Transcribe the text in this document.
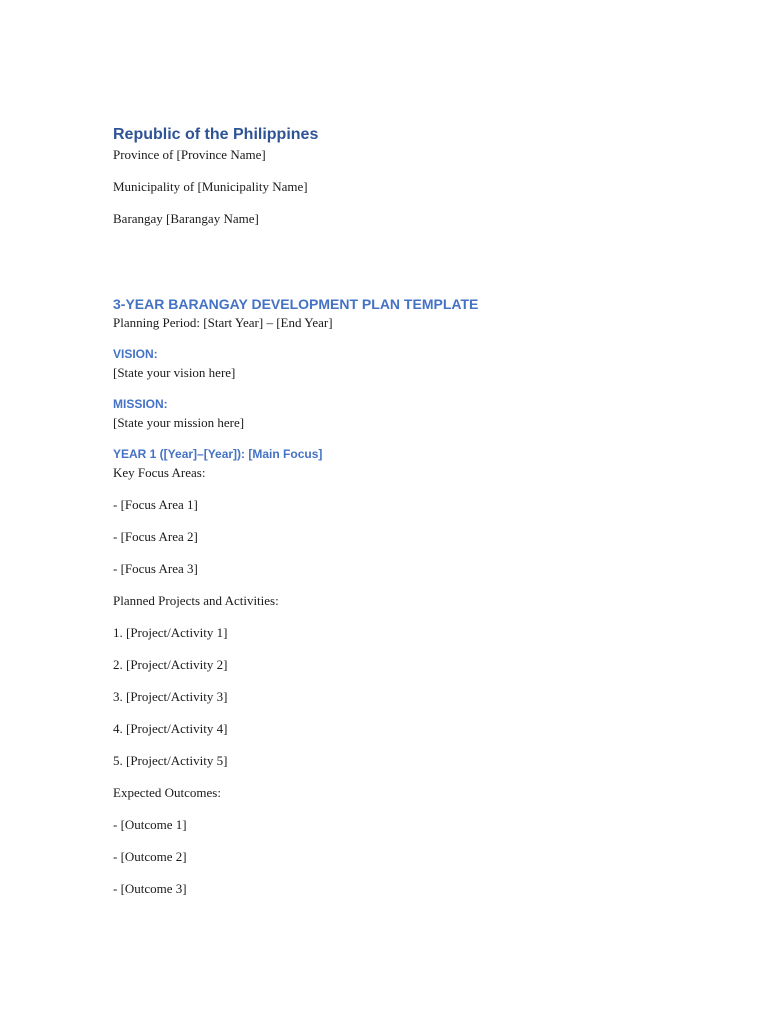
Republic of the Philippines

Province of [Province Name]

Municipality of [Municipality Name]

Barangay [Barangay Name]

3-YEAR BARANGAY DEVELOPMENT PLAN TEMPLATE

Planning Period: [Start Year] – [End Year]

VISION:

[State your vision here]

MISSION:

[State your mission here]

YEAR 1 ([Year]–[Year]): [Main Focus]

Key Focus Areas:

- [Focus Area 1]

- [Focus Area 2]

- [Focus Area 3]

Planned Projects and Activities:

1. [Project/Activity 1]

2. [Project/Activity 2]

3. [Project/Activity 3]

4. [Project/Activity 4]

5. [Project/Activity 5]

Expected Outcomes:

- [Outcome 1]

- [Outcome 2]

- [Outcome 3]
